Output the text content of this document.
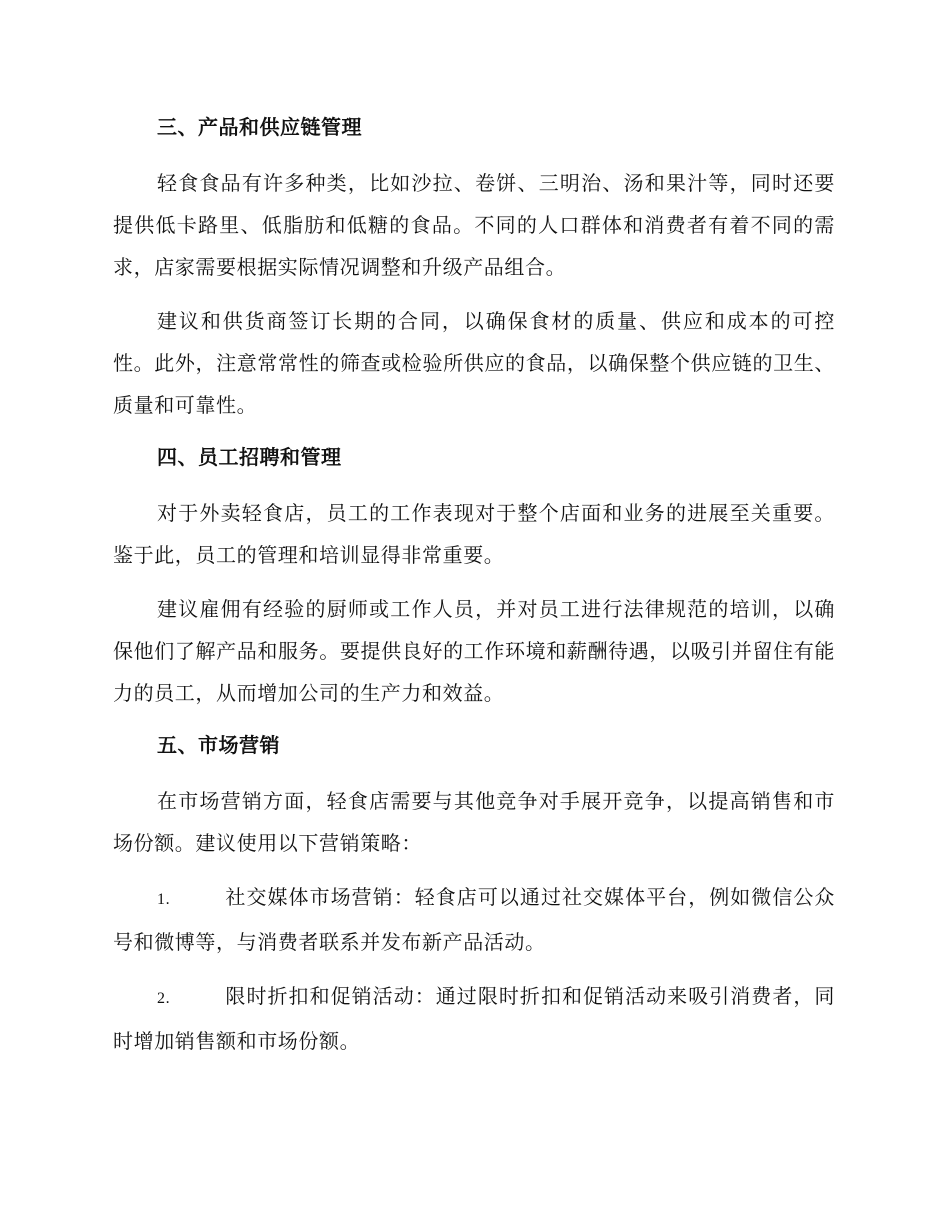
三、产品和供应链管理

轻食食品有许多种类，比如沙拉、卷饼、三明治、汤和果汁等，同时还要提供低卡路里、低脂肪和低糖的食品。不同的人口群体和消费者有着不同的需求，店家需要根据实际情况调整和升级产品组合。

建议和供货商签订长期的合同，以确保食材的质量、供应和成本的可控性。此外，注意常常性的筛查或检验所供应的食品，以确保整个供应链的卫生、质量和可靠性。

四、员工招聘和管理

对于外卖轻食店，员工的工作表现对于整个店面和业务的进展至关重要。鉴于此，员工的管理和培训显得非常重要。

建议雇佣有经验的厨师或工作人员，并对员工进行法律规范的培训，以确保他们了解产品和服务。要提供良好的工作环境和薪酬待遇，以吸引并留住有能力的员工，从而增加公司的生产力和效益。

五、市场营销

在市场营销方面，轻食店需要与其他竞争对手展开竞争，以提高销售和市场份额。建议使用以下营销策略：

1.	社交媒体市场营销：轻食店可以通过社交媒体平台，例如微信公众号和微博等，与消费者联系并发布新产品活动。

2.	限时折扣和促销活动：通过限时折扣和促销活动来吸引消费者，同时增加销售额和市场份额。
